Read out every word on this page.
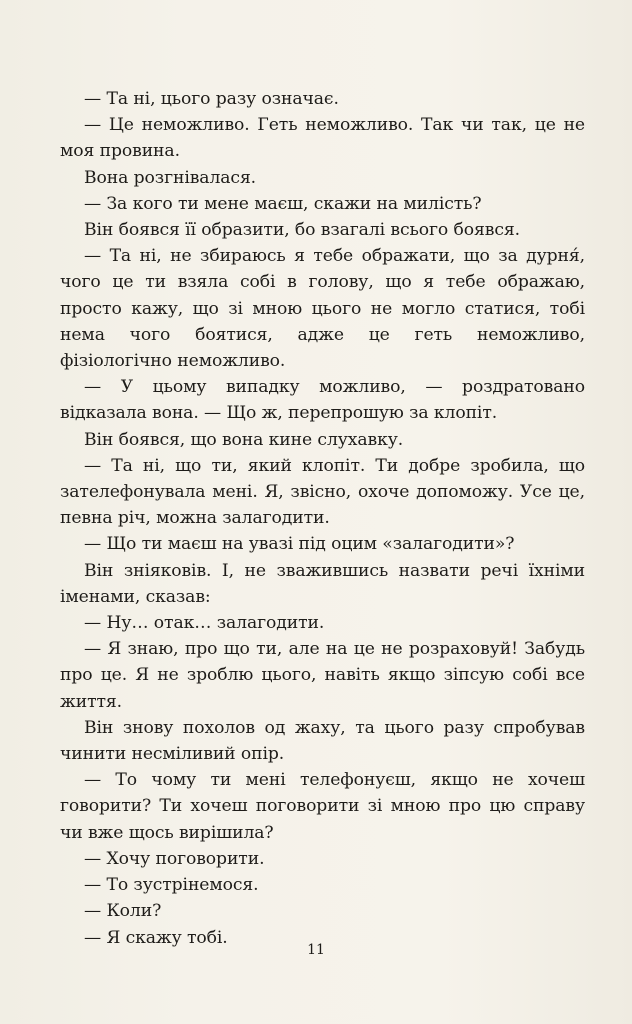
— Та ні, цього разу означає.

— Це неможливо. Геть неможливо. Так чи так, це не моя провина.

Вона розгнівалася.

— За кого ти мене маєш, скажи на милість?

Він боявся її образити, бо взагалі всього боявся.

— Та ні, не збираюсь я тебе ображати, що за дурня́, чого це ти взяла собі в голову, що я тебе ображаю, просто кажу, що зі мною цього не могло статися, тобі нема чого боятися, адже це геть неможливо, фізіологічно неможливо.

— У цьому випадку можливо, — роздратовано відказала вона. — Що ж, перепрошую за клопіт.

Він боявся, що вона кине слухавку.

— Та ні, що ти, який клопіт. Ти добре зробила, що зателефонувала мені. Я, звісно, охоче допоможу. Усе це, певна річ, можна залагодити.

— Що ти маєш на увазі під оцим «залагодити»?

Він зніяковів. І, не зважившись назвати речі їхніми іменами, сказав:

— Ну… отак… залагодити.

— Я знаю, про що ти, але на це не розраховуй! Забудь про це. Я не зроблю цього, навіть якщо зіпсую собі все життя.

Він знову похолов од жаху, та цього разу спробував чинити несміливий опір.

— То чому ти мені телефонуєш, якщо не хочеш говорити? Ти хочеш поговорити зі мною про цю справу чи вже щось вирішила?

— Хочу поговорити.

— То зустрінемося.

— Коли?

— Я скажу тобі.

11
